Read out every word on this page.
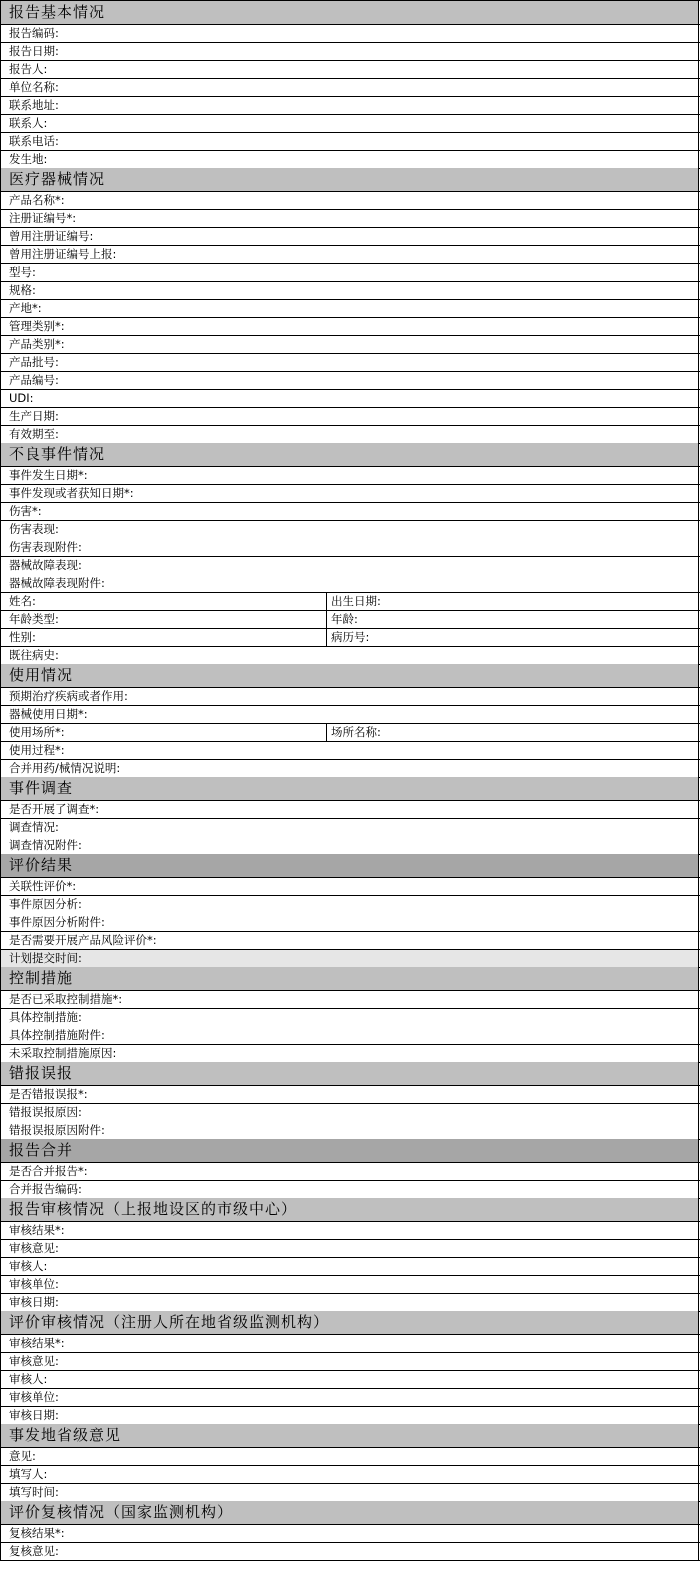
报告基本情况
报告编码:
报告日期:
报告人:
单位名称:
联系地址:
联系人:
联系电话:
发生地:
医疗器械情况
产品名称*:
注册证编号*:
曾用注册证编号:
曾用注册证编号上报:
型号:
规格:
产地*:
管理类别*:
产品类别*:
产品批号:
产品编号:
UDI:
生产日期:
有效期至:
不良事件情况
事件发生日期*:
事件发现或者获知日期*:
伤害*:
伤害表现:
伤害表现附件:
器械故障表现:
器械故障表现附件:
姓名:	出生日期:
年龄类型:	年龄:
性别:	病历号:
既往病史:
使用情况
预期治疗疾病或者作用:
器械使用日期*:
使用场所*:	场所名称:
使用过程*:
合并用药/械情况说明:
事件调查
是否开展了调查*:
调查情况:
调查情况附件:
评价结果
关联性评价*:
事件原因分析:
事件原因分析附件:
是否需要开展产品风险评价*:
计划提交时间:
控制措施
是否已采取控制措施*:
具体控制措施:
具体控制措施附件:
未采取控制措施原因:
错报误报
是否错报误报*:
错报误报原因:
错报误报原因附件:
报告合并
是否合并报告*:
合并报告编码:
报告审核情况（上报地设区的市级中心）
审核结果*:
审核意见:
审核人:
审核单位:
审核日期:
评价审核情况（注册人所在地省级监测机构）
审核结果*:
审核意见:
审核人:
审核单位:
审核日期:
事发地省级意见
意见:
填写人:
填写时间:
评价复核情况（国家监测机构）
复核结果*:
复核意见:
